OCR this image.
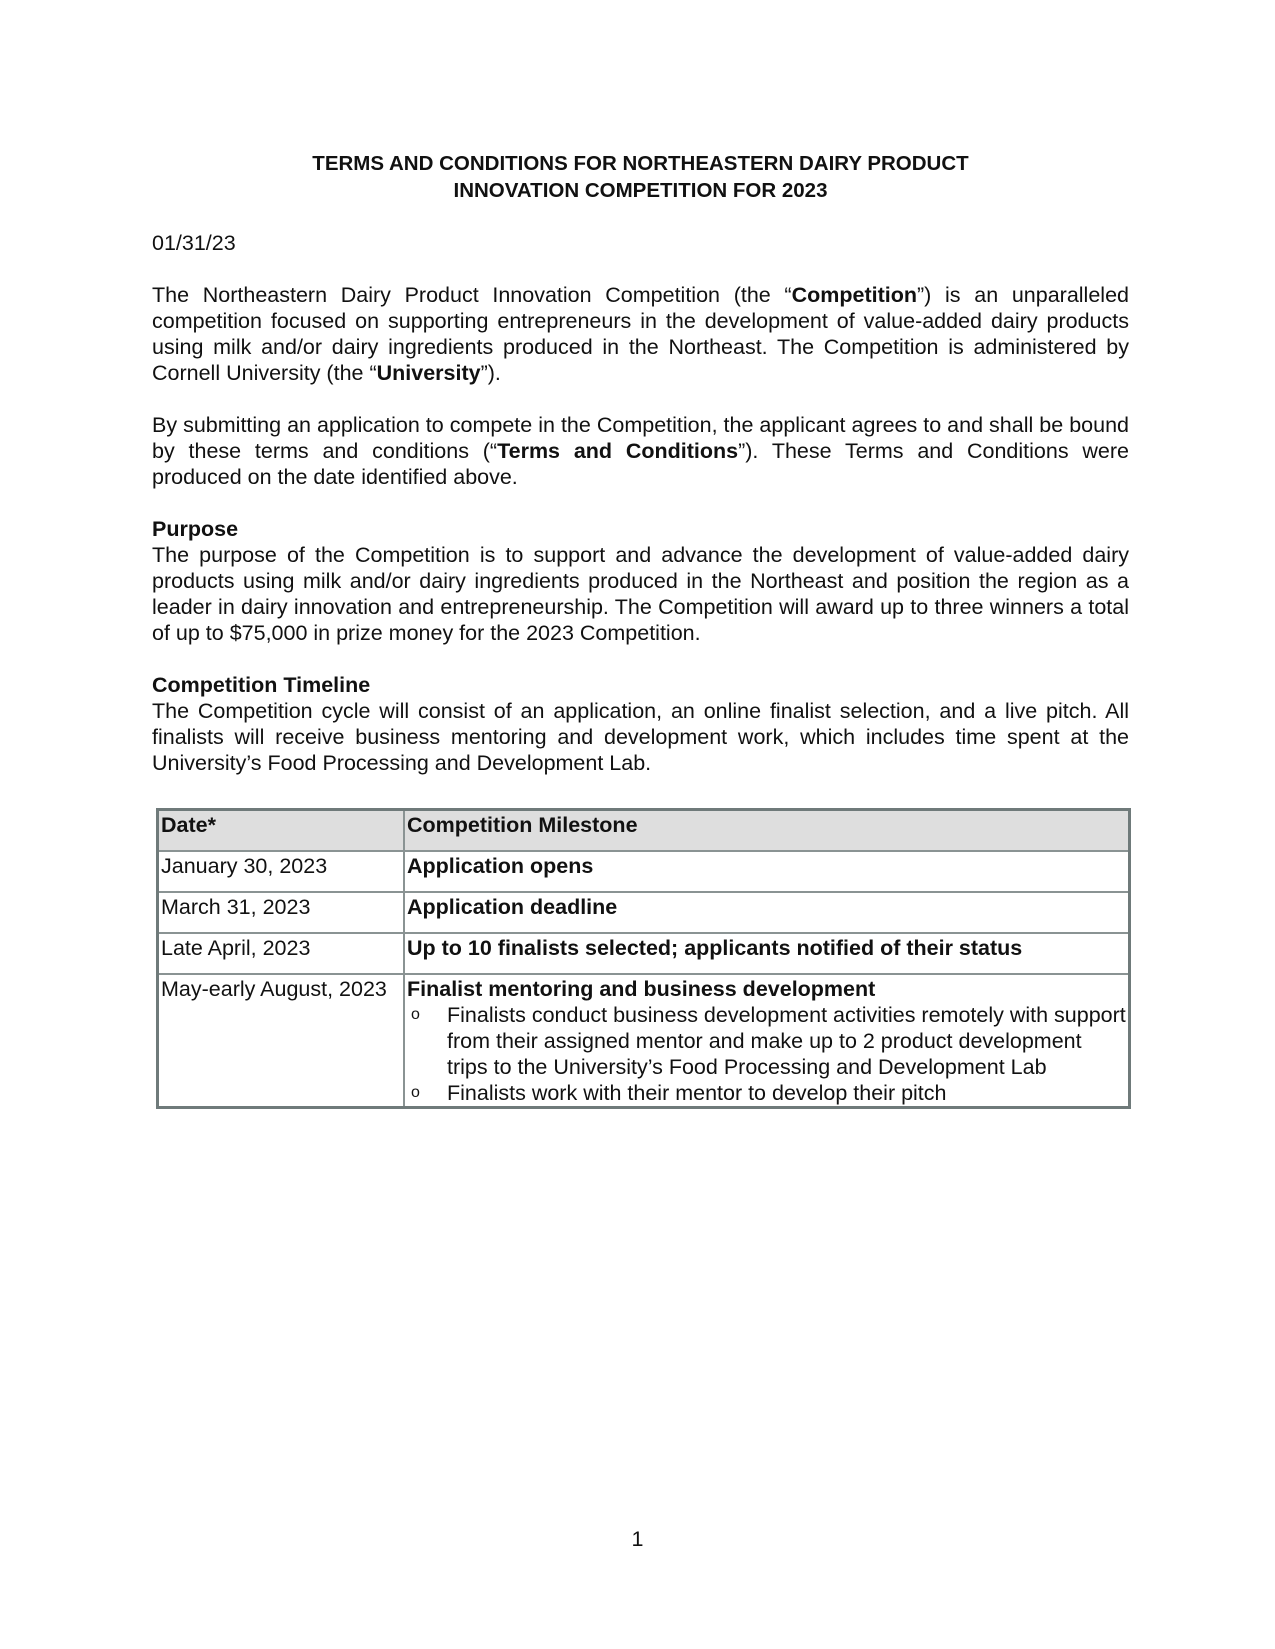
TERMS AND CONDITIONS FOR NORTHEASTERN DAIRY PRODUCT
INNOVATION COMPETITION FOR 2023
01/31/23

The Northeastern Dairy Product Innovation Competition (the “Competition”) is an unparalleled competition focused on supporting entrepreneurs in the development of value-added dairy products using milk and/or dairy ingredients produced in the Northeast. The Competition is administered by Cornell University (the “University”).

By submitting an application to compete in the Competition, the applicant agrees to and shall be bound by these terms and conditions (“Terms and Conditions”). These Terms and Conditions were produced on the date identified above.

Purpose

The purpose of the Competition is to support and advance the development of value-added dairy products using milk and/or dairy ingredients produced in the Northeast and position the region as a leader in dairy innovation and entrepreneurship. The Competition will award up to three winners a total of up to $75,000 in prize money for the 2023 Competition.

Competition Timeline

The Competition cycle will consist of an application, an online finalist selection, and a live pitch. All finalists will receive business mentoring and development work, which includes time spent at the University’s Food Processing and Development Lab.

Date*	Competition Milestone
January 30, 2023	Application opens
March 31, 2023	Application deadline
Late April, 2023	Up to 10 finalists selected; applicants notified of their status
May-early August, 2023	Finalist mentoring and business development
o Finalists conduct business development activities remotely with support from their assigned mentor and make up to 2 product development trips to the University’s Food Processing and Development Lab
o Finalists work with their mentor to develop their pitch
1
